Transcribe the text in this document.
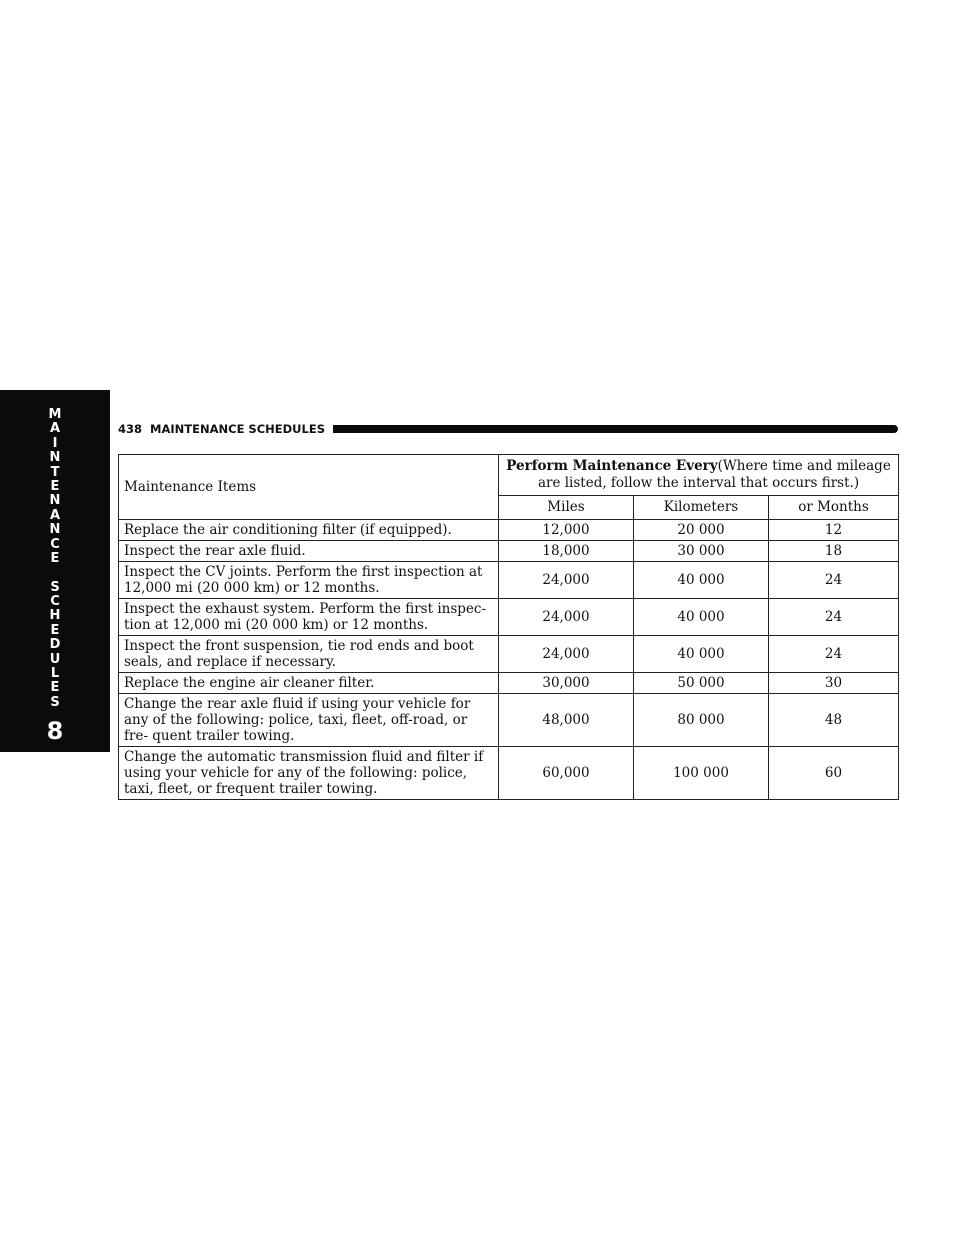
M
A
I
N
T
E
N
A
N
C
E
S
C
H
E
D
U
L
E
S
8
438 MAINTENANCE SCHEDULES
Maintenance Items	Perform Maintenance Every(Where time and mileage are listed, follow the interval that occurs first.)		
	Miles	Kilometers	or Months
Replace the air conditioning filter (if equipped).	12,000	20 000	12
Inspect the rear axle fluid.	18,000	30 000	18
Inspect the CV joints. Perform the first inspection at 12,000 mi (20 000 km) or 12 months.	24,000	40 000	24
Inspect the exhaust system. Perform the first inspec- tion at 12,000 mi (20 000 km) or 12 months.	24,000	40 000	24
Inspect the front suspension, tie rod ends and boot seals, and replace if necessary.	24,000	40 000	24
Replace the engine air cleaner filter.	30,000	50 000	30
Change the rear axle fluid if using your vehicle for any of the following: police, taxi, fleet, off-road, or fre- quent trailer towing.	48,000	80 000	48
Change the automatic transmission fluid and filter if using your vehicle for any of the following: police, taxi, fleet, or frequent trailer towing.	60,000	100 000	60
